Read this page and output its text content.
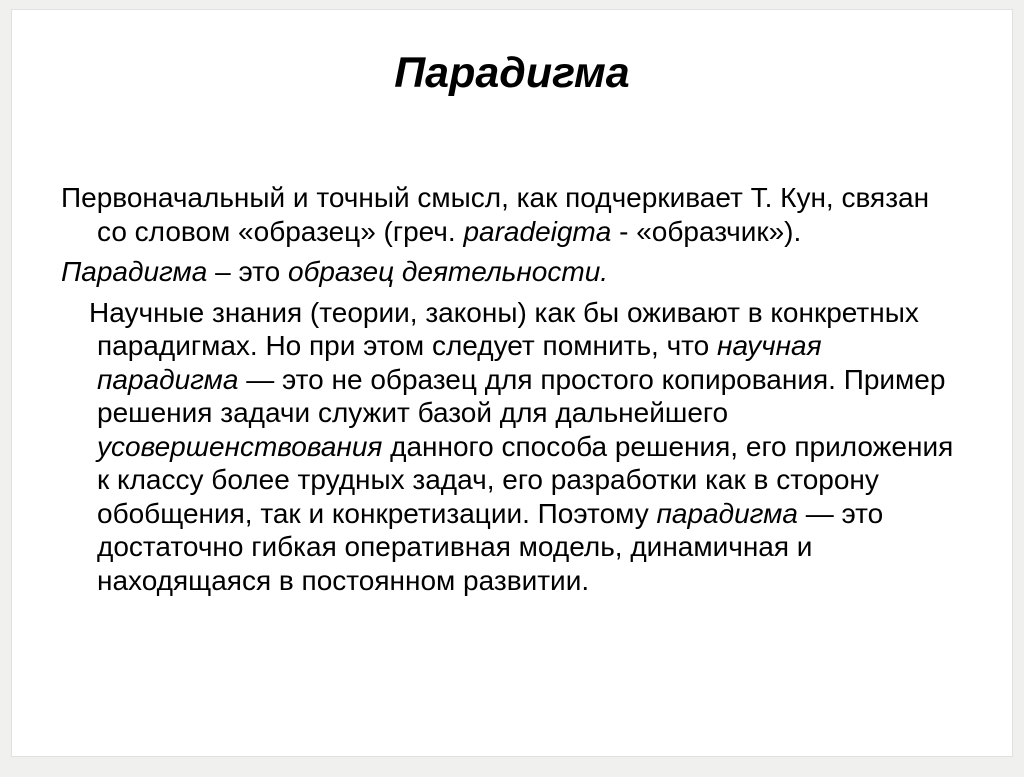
Парадигма

Первоначальный и точный смысл, как подчеркивает Т. Кун, связан со словом «образец» (греч. paradeigma - «образчик»).

Парадигма – это образец деятельности.

Научные знания (теории, законы) как бы оживают в конкретных парадигмах. Но при этом следует помнить, что научная парадигма — это не образец для простого копирования. Пример решения задачи служит базой для дальнейшего усовершенствования данного способа решения, его приложения к классу более трудных задач, его разработки как в сторону обобщения, так и конкретизации. Поэтому парадигма — это достаточно гибкая оперативная модель, динамичная и находящаяся в постоянном развитии.
